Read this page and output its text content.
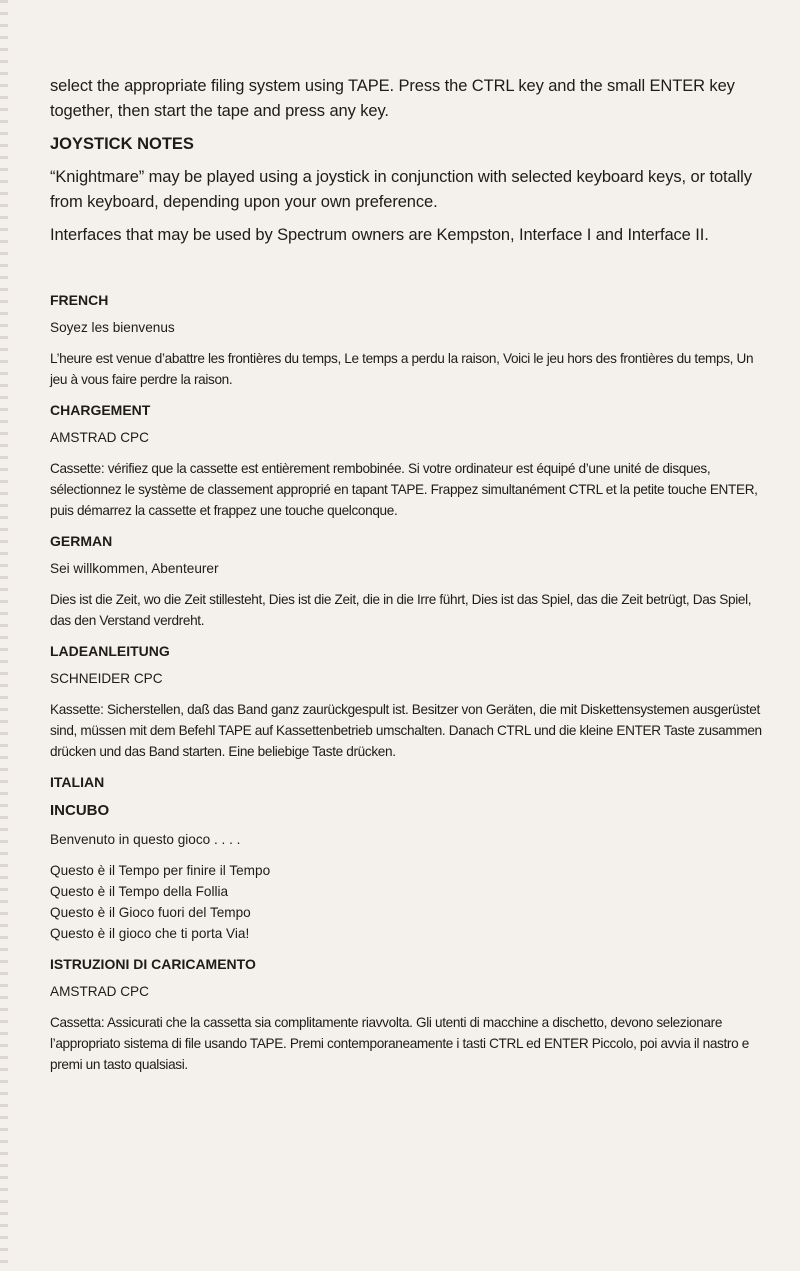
select the appropriate filing system using TAPE. Press the CTRL key and the small ENTER key together, then start the tape and press any key.

JOYSTICK NOTES

“Knightmare” may be played using a joystick in conjunction with selected keyboard keys, or totally from keyboard, depending upon your own preference.

Interfaces that may be used by Spectrum owners are Kempston, Interface I and Interface II.

FRENCH

Soyez les bienvenus

L’heure est venue d’abattre les frontières du temps, Le temps a perdu la raison, Voici le jeu hors des frontières du temps, Un jeu à vous faire perdre la raison.

CHARGEMENT

AMSTRAD CPC

Cassette: vérifiez que la cassette est entièrement rembobinée. Si votre ordinateur est équipé d’une unité de disques, sélectionnez le système de classement approprié en tapant TAPE. Frappez simultanément CTRL et la petite touche ENTER, puis démarrez la cassette et frappez une touche quelconque.

GERMAN

Sei willkommen, Abenteurer

Dies ist die Zeit, wo die Zeit stillesteht, Dies ist die Zeit, die in die Irre führt, Dies ist das Spiel, das die Zeit betrügt, Das Spiel, das den Verstand verdreht.

LADEANLEITUNG

SCHNEIDER CPC

Kassette: Sicherstellen, daß das Band ganz zaurückgespult ist. Besitzer von Geräten, die mit Diskettensystemen ausgerüstet sind, müssen mit dem Befehl TAPE auf Kassettenbetrieb umschalten. Danach CTRL und die kleine ENTER Taste zusammen drücken und das Band starten. Eine beliebige Taste drücken.

ITALIAN

INCUBO

Benvenuto in questo gioco . . . .

Questo è il Tempo per finire il Tempo
Questo è il Tempo della Follia
Questo è il Gioco fuori del Tempo
Questo è il gioco che ti porta Via!

ISTRUZIONI DI CARICAMENTO

AMSTRAD CPC

Cassetta: Assicurati che la cassetta sia complitamente riavvolta. Gli utenti di macchine a dischetto, devono selezionare l’appropriato sistema di file usando TAPE. Premi contemporaneamente i tasti CTRL ed ENTER Piccolo, poi avvia il nastro e premi un tasto qualsiasi.
